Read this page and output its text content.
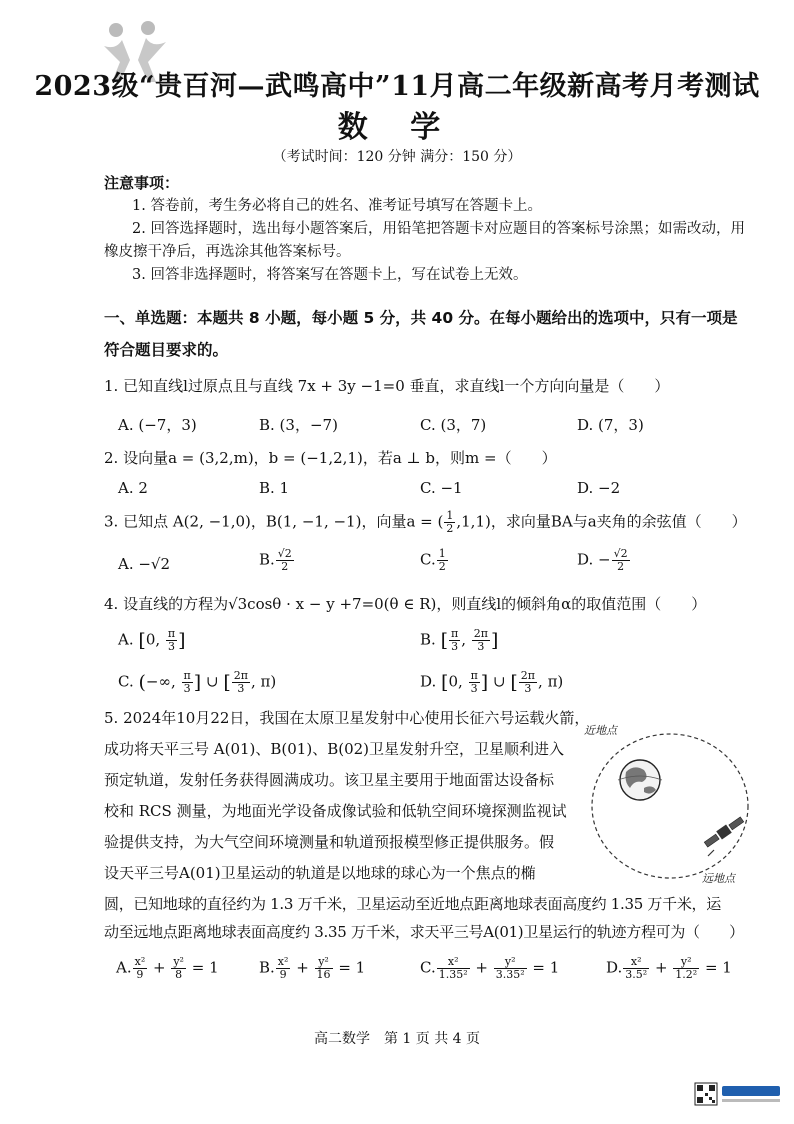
2023级“贵百河—武鸣高中”11月高二年级新高考月考测试
数 学
（考试时间：120 分钟 满分：150 分）
注意事项：
1. 答卷前，考生务必将自己的姓名、准考证号填写在答题卡上。
2. 回答选择题时，选出每小题答案后，用铅笔把答题卡对应题目的答案标号涂黑；如需改动，用橡皮擦干净后，再选涂其他答案标号。
3. 回答非选择题时，将答案写在答题卡上，写在试卷上无效。
一、单选题：本题共 8 小题，每小题 5 分，共 40 分。在每小题给出的选项中，只有一项是符合题目要求的。
1. 已知直线l过原点且与直线 7x + 3y −1=0 垂直，求直线l一个方向向量是（　　）
A. (−7，3)	B. (3，−7)	C. (3，7)	D. (7，3)
2. 设向量a = (3,2,m)，b = (−1,2,1)，若a ⊥ b，则m =（　　）
A. 2	B. 1	C. −1	D. −2
3. 已知点 A(2, −1,0)，B(1, −1, −1)，向量a = ( $\frac{1}{2} ,1,1$)，求向量BA与a夹角的余弦值（　　）
A. −√2	B. $\frac{√2}{2}$	C. $\frac{1}{2}$	D. − $\frac{√2}{2}$
4. 设直线的方程为√3cosθ · x − y +7=0(θ ∈ R)，则直线l的倾斜角α的取值范围（　　）
A. [0, $\frac{\pi}{3}$ ]	B. [ $\frac{\pi}{3}$ , $\frac{2\pi}{3}$ ]
C. (−∞, $\frac{\pi}{3}$ ] ∪ [ $\frac{2\pi}{3}$ , π)	D. [0, $\frac{\pi}{3}$ ] ∪ [ $\frac{2\pi}{3}$ , π)
5. 2024年10月22日，我国在太原卫星发射中心使用长征六号运载火箭，
成功将天平三号 A(01)、B(01)、B(02)卫星发射升空，卫星顺利进入
预定轨道，发射任务获得圆满成功。该卫星主要用于地面雷达设备标
校和 RCS 测量，为地面光学设备成像试验和低轨空间环境探测监视试
验提供支持，为大气空间环境测量和轨道预报模型修正提供服务。假
设天平三号A(01)卫星运动的轨道是以地球的球心为一个焦点的椭
圆，已知地球的直径约为 1.3 万千米，卫星运动至近地点距离地球表面高度约 1.35 万千米，运
动至远地点距离地球表面高度约 3.35 万千米，求天平三号A(01)卫星运行的轨迹方程可为（　　）
近地点
远地点
A. $\frac{\text{x²}}{9} + \frac{\text{y²}}{8} = 1$	B. $\frac{\text{x²}}{9} + \frac{\text{y²}}{16} = 1$	C. $\frac{\text{x²}}{\text{1.35²}} + \frac{\text{y²}}{\text{3.35²}} = 1$	D. $\frac{\text{x²}}{\text{3.5²}} + \frac{\text{y²}}{\text{1.2²}} = 1$
高二数学　第 1 页 共 4 页
